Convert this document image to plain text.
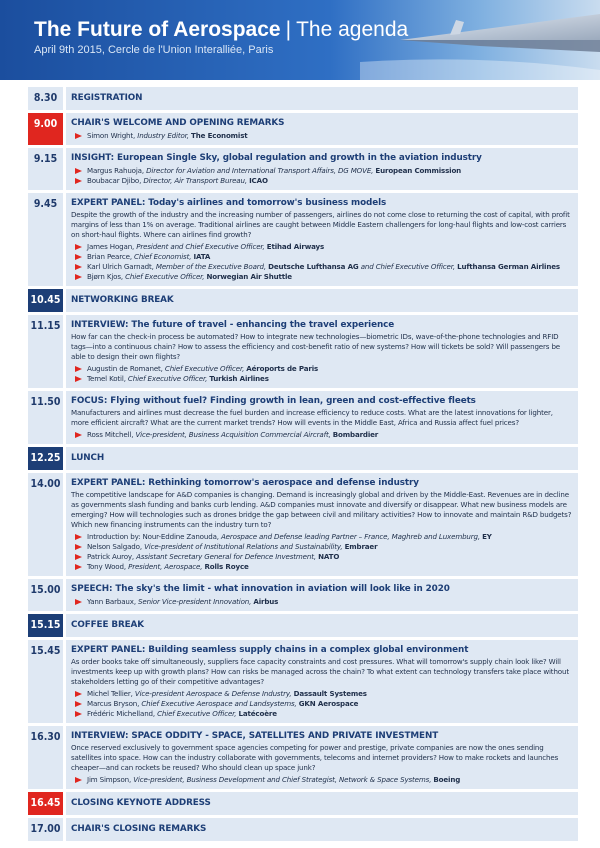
The Future of Aerospace | The agenda
April 9th 2015, Cercle de l'Union Interalliée, Paris
8.30	REGISTRATION
9.00	CHAIR'S WELCOME AND OPENING REMARKS
Simon Wright, Industry Editor, The Economist
9.15	INSIGHT: European Single Sky, global regulation and growth in the aviation industry
Margus Rahuoja, Director for Aviation and International Transport Affairs, DG MOVE, European Commission
Boubacar Djibo, Director, Air Transport Bureau, ICAO
9.45	EXPERT PANEL: Today's airlines and tomorrow's business models
Despite the growth of the industry and the increasing number of passengers, airlines do not come close to returning the cost of capital, with profit margins of less than 1% on average. Traditional airlines are caught between Middle Eastern challengers for long-haul flights and low-cost carriers on short-haul flights. Where can airlines find growth?
James Hogan, President and Chief Executive Officer, Etihad Airways
Brian Pearce, Chief Economist, IATA
Karl Ulrich Garnadt, Member of the Executive Board, Deutsche Lufthansa AG and Chief Executive Officer, Lufthansa German Airlines
Bjørn Kjos, Chief Executive Officer, Norwegian Air Shuttle
10.45	NETWORKING BREAK
11.15	INTERVIEW: The future of travel - enhancing the travel experience
How far can the check-in process be automated? How to integrate new technologies—biometric IDs, wave-of-the-phone technologies and RFID tags—into a continuous chain? How to assess the efficiency and cost-benefit ratio of new systems? How will tickets be sold? Will passengers be able to design their own flights?
Augustin de Romanet, Chief Executive Officer, Aéroports de Paris
Temel Kotil, Chief Executive Officer, Turkish Airlines
11.50	FOCUS: Flying without fuel? Finding growth in lean, green and cost-effective fleets
Manufacturers and airlines must decrease the fuel burden and increase efficiency to reduce costs. What are the latest innovations for lighter, more efficient aircraft? What are the current market trends? How will events in the Middle East, Africa and Russia affect fuel prices?
Ross Mitchell, Vice-president, Business Acquisition Commercial Aircraft, Bombardier
12.25	LUNCH
14.00	EXPERT PANEL: Rethinking tomorrow's aerospace and defense industry
The competitive landscape for A&D companies is changing. Demand is increasingly global and driven by the Middle-East. Revenues are in decline as governments slash funding and banks curb lending. A&D companies must innovate and diversify or disappear. What new business models are emerging? How will technologies such as drones bridge the gap between civil and military activities? How to innovate and maintain R&D budgets? Which new financing instruments can the industry turn to?
Introduction by: Nour-Eddine Zanouda, Aerospace and Defense leading Partner – France, Maghreb and Luxemburg, EY
Nelson Salgado, Vice-president of Institutional Relations and Sustainability, Embraer
Patrick Auroy, Assistant Secretary General for Defence Investment, NATO
Tony Wood, President, Aerospace, Rolls Royce
15.00	SPEECH: The sky's the limit - what innovation in aviation will look like in 2020
Yann Barbaux, Senior Vice-president Innovation, Airbus
15.15	COFFEE BREAK
15.45	EXPERT PANEL: Building seamless supply chains in a complex global environment
As order books take off simultaneously, suppliers face capacity constraints and cost pressures. What will tomorrow's supply chain look like? Will investments keep up with growth plans? How can risks be managed across the chain? To what extent can technology transfers take place without stakeholders letting go of their competitive advantages?
Michel Tellier, Vice-president Aerospace & Defense Industry, Dassault Systemes
Marcus Bryson, Chief Executive Aerospace and Landsystems, GKN Aerospace
Frédéric Michelland, Chief Executive Officer, Latécoère
16.30	INTERVIEW: SPACE ODDITY - SPACE, SATELLITES AND PRIVATE INVESTMENT
Once reserved exclusively to government space agencies competing for power and prestige, private companies are now the ones sending satellites into space. How can the industry collaborate with governments, telecoms and internet providers? How to make rockets and launches cheaper—and can rockets be reused? Who should clean up space junk?
Jim Simpson, Vice-president, Business Development and Chief Strategist, Network & Space Systems, Boeing
16.45	CLOSING KEYNOTE ADDRESS
17.00	CHAIR'S CLOSING REMARKS
